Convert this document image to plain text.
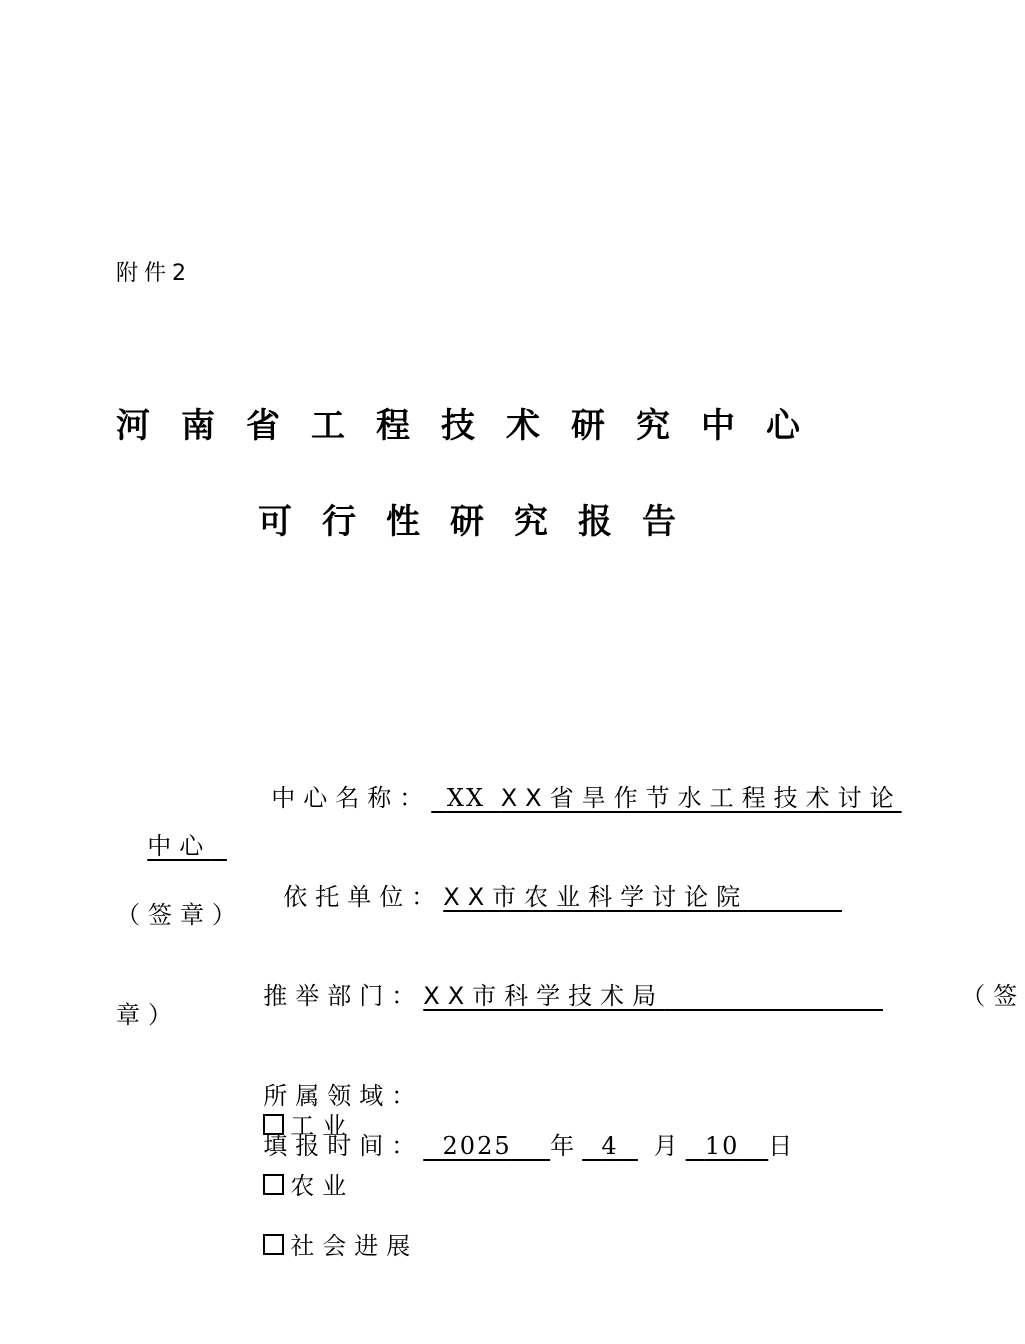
附件2
河南省工程技术研究中心
可行性研究报告

中心名称： XX XX省旱作节水工程技术讨论

中心

依托单位：XX市农业科学讨论院

（签章）

推举部门：XX市科学技术局	（签

章）

所属领域：
工业

农业

社会进展

填报时间： 2025 年 4 月 10 日
